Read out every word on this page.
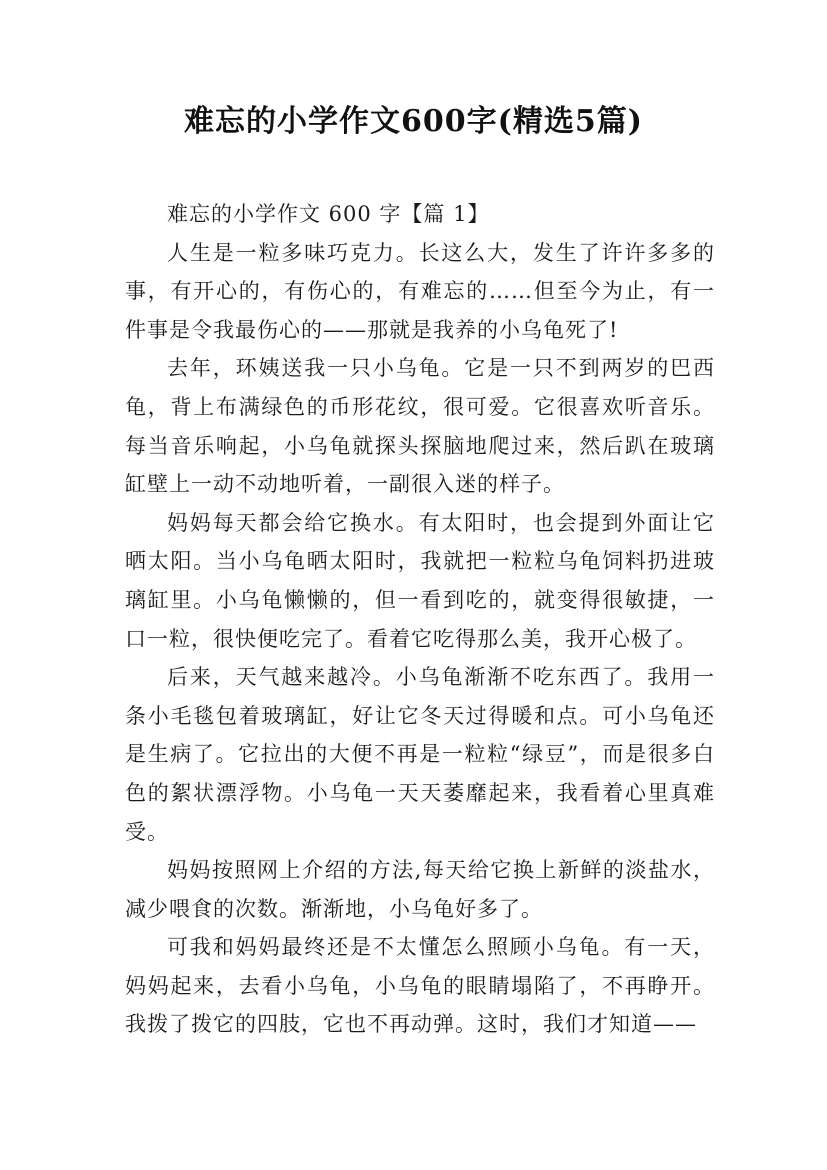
难忘的小学作文600字(精选5篇)

难忘的小学作文 600 字【篇 1】

人生是一粒多味巧克力。长这么大，发生了许许多多的事，有开心的，有伤心的，有难忘的……但至今为止，有一件事是令我最伤心的——那就是我养的小乌龟死了!

去年，环姨送我一只小乌龟。它是一只不到两岁的巴西龟，背上布满绿色的币形花纹，很可爱。它很喜欢听音乐。每当音乐响起，小乌龟就探头探脑地爬过来，然后趴在玻璃缸壁上一动不动地听着，一副很入迷的样子。

妈妈每天都会给它换水。有太阳时，也会提到外面让它晒太阳。当小乌龟晒太阳时，我就把一粒粒乌龟饲料扔进玻璃缸里。小乌龟懒懒的，但一看到吃的，就变得很敏捷，一口一粒，很快便吃完了。看着它吃得那么美，我开心极了。

后来，天气越来越冷。小乌龟渐渐不吃东西了。我用一条小毛毯包着玻璃缸，好让它冬天过得暖和点。可小乌龟还是生病了。它拉出的大便不再是一粒粒“绿豆”，而是很多白色的絮状漂浮物。小乌龟一天天萎靡起来，我看着心里真难受。

妈妈按照网上介绍的方法,每天给它换上新鲜的淡盐水，减少喂食的次数。渐渐地，小乌龟好多了。

可我和妈妈最终还是不太懂怎么照顾小乌龟。有一天，妈妈起来，去看小乌龟，小乌龟的眼睛塌陷了，不再睁开。我拨了拨它的四肢，它也不再动弹。这时，我们才知道——
